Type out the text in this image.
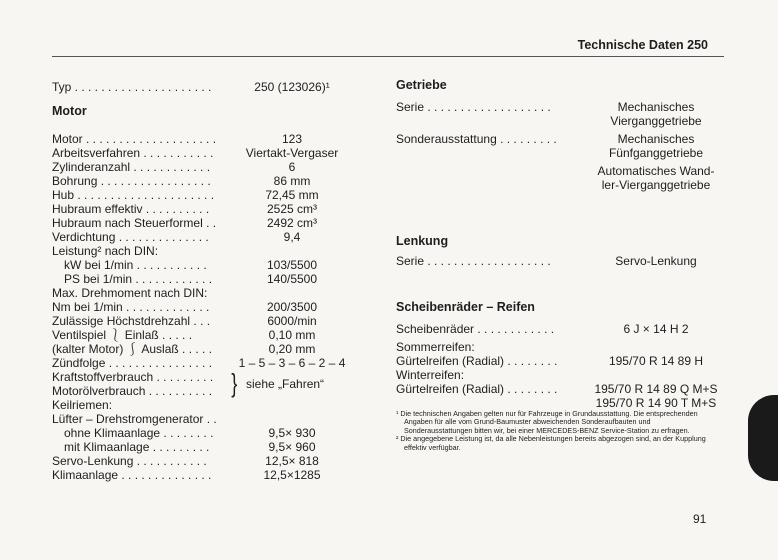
Technische Daten 250
Typ . . . . . . . . . . . . . . . . . . . . .	250 (123026)¹
Motor
Motor . . . . . . . . . . . . . . . . . . . .	123
Arbeitsverfahren . . . . . . . . . . .	Viertakt-Vergaser
Zylinderanzahl . . . . . . . . . . . .	6
Bohrung . . . . . . . . . . . . . . . . .	86 mm
Hub . . . . . . . . . . . . . . . . . . . . .	72,45 mm
Hubraum effektiv . . . . . . . . . .	2525 cm³
Hubraum nach Steuerformel . .	2492 cm³
Verdichtung . . . . . . . . . . . . . .	9,4
Leistung² nach DIN:
kW bei 1/min . . . . . . . . . . .	103/5500
PS bei 1/min . . . . . . . . . . . .	140/5500
Max. Drehmoment nach DIN:
Nm bei 1/min . . . . . . . . . . . . .	200/3500
Zulässige Höchstdrehzahl . . .	6000/min
Ventilspiel ⎱ Einlaß . . . . .	0,10 mm
(kalter Motor) ⎰ Auslaß . . . . .	0,20 mm
Zündfolge . . . . . . . . . . . . . . . .	1 – 5 – 3 – 6 – 2 – 4
Kraftstoffverbrauch . . . . . . . . .
Motorölverbrauch . . . . . . . . . . } siehe „Fahren“
Keilriemen:
Lüfter – Drehstromgenerator . .
ohne Klimaanlage . . . . . . . .	9,5× 930
mit Klimaanlage . . . . . . . . .	9,5× 960
Servo-Lenkung . . . . . . . . . . .	12,5× 818
Klimaanlage . . . . . . . . . . . . . .	12,5×1285
Getriebe
Serie . . . . . . . . . . . . . . . . . . .	Mechanisches
Vierganggetriebe
Sonderausstattung . . . . . . . . .	Mechanisches
Fünfganggetriebe
Automatisches Wand-
ler-Vierganggetriebe
Lenkung
Serie . . . . . . . . . . . . . . . . . . .	Servo-Lenkung
Scheibenräder – Reifen
Scheibenräder . . . . . . . . . . . .	6 J × 14 H 2
Sommerreifen:
Gürtelreifen (Radial) . . . . . . . .	195/70 R 14 89 H
Winterreifen:
Gürtelreifen (Radial) . . . . . . . .	195/70 R 14 89 Q M+S
195/70 R 14 90 T M+S
¹ Die technischen Angaben gelten nur für Fahrzeuge in Grundausstattung. Die entsprechenden Angaben für alle vom Grund-Baumuster abweichenden Sonderaufbauten und Sonderausstattungen bitten wir, bei einer MERCEDES-BENZ Service-Station zu erfragen.
² Die angegebene Leistung ist, da alle Nebenleistungen bereits abgezogen sind, an der Kupplung effektiv verfügbar.
91
